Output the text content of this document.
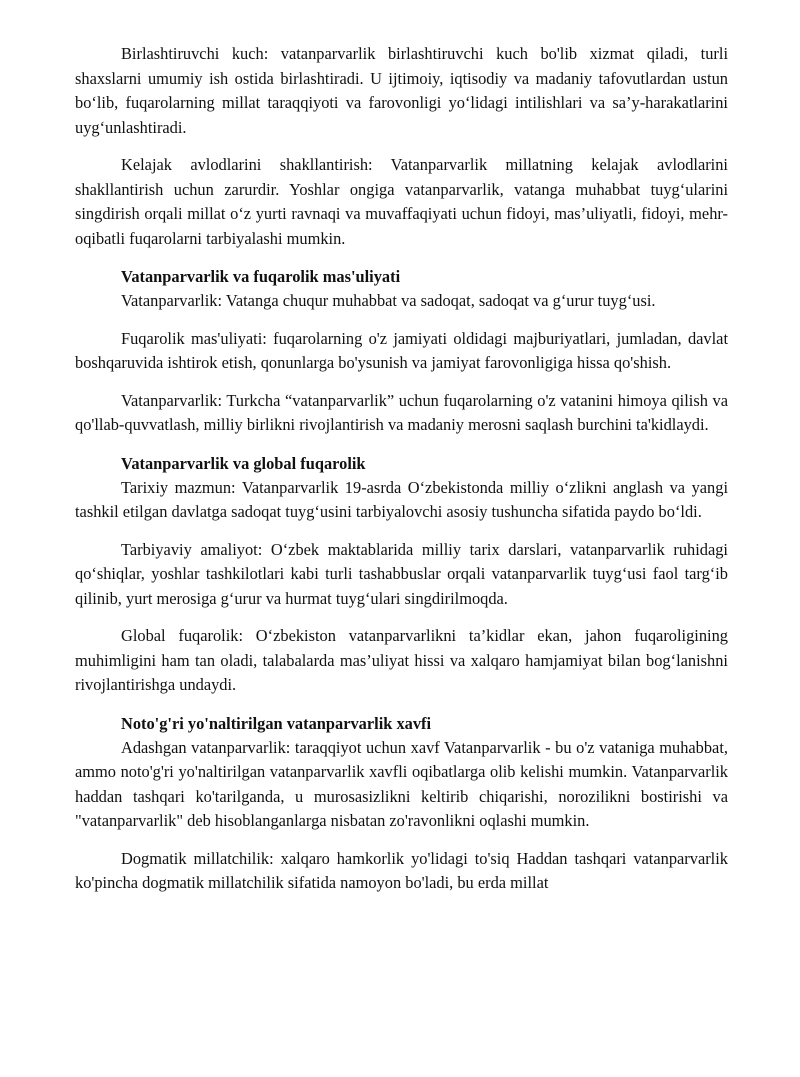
Birlashtiruvchi kuch: vatanparvarlik birlashtiruvchi kuch bo'lib xizmat qiladi, turli shaxslarni umumiy ish ostida birlashtiradi. U ijtimoiy, iqtisodiy va madaniy tafovutlardan ustun bo‘lib, fuqarolarning millat taraqqiyoti va farovonligi yo‘lidagi intilishlari va sa’y-harakatlarini uyg‘unlashtiradi.

Kelajak avlodlarini shakllantirish: Vatanparvarlik millatning kelajak avlodlarini shakllantirish uchun zarurdir. Yoshlar ongiga vatanparvarlik, vatanga muhabbat tuyg‘ularini singdirish orqali millat o‘z yurti ravnaqi va muvaffaqiyati uchun fidoyi, mas’uliyatli, fidoyi, mehr-oqibatli fuqarolarni tarbiyalashi mumkin.

Vatanparvarlik va fuqarolik mas'uliyati

Vatanparvarlik: Vatanga chuqur muhabbat va sadoqat, sadoqat va g‘urur tuyg‘usi.

Fuqarolik mas'uliyati: fuqarolarning o'z jamiyati oldidagi majburiyatlari, jumladan, davlat boshqaruvida ishtirok etish, qonunlarga bo'ysunish va jamiyat farovonligiga hissa qo'shish.

Vatanparvarlik: Turkcha “vatanparvarlik” uchun fuqarolarning o'z vatanini himoya qilish va qo'llab-quvvatlash, milliy birlikni rivojlantirish va madaniy merosni saqlash burchini ta'kidlaydi.

Vatanparvarlik va global fuqarolik

Tarixiy mazmun: Vatanparvarlik 19-asrda O‘zbekistonda milliy o‘zlikni anglash va yangi tashkil etilgan davlatga sadoqat tuyg‘usini tarbiyalovchi asosiy tushuncha sifatida paydo bo‘ldi.

Tarbiyaviy amaliyot: O‘zbek maktablarida milliy tarix darslari, vatanparvarlik ruhidagi qo‘shiqlar, yoshlar tashkilotlari kabi turli tashabbuslar orqali vatanparvarlik tuyg‘usi faol targ‘ib qilinib, yurt merosiga g‘urur va hurmat tuyg‘ulari singdirilmoqda.

Global fuqarolik: O‘zbekiston vatanparvarlikni ta’kidlar ekan, jahon fuqaroligining muhimligini ham tan oladi, talabalarda mas’uliyat hissi va xalqaro hamjamiyat bilan bog‘lanishni rivojlantirishga undaydi.

Noto'g'ri yo'naltirilgan vatanparvarlik xavfi

Adashgan vatanparvarlik: taraqqiyot uchun xavf Vatanparvarlik - bu o'z vataniga muhabbat, ammo noto'g'ri yo'naltirilgan vatanparvarlik xavfli oqibatlarga olib kelishi mumkin. Vatanparvarlik haddan tashqari ko'tarilganda, u murosasizlikni keltirib chiqarishi, norozilikni bostirishi va "vatanparvarlik" deb hisoblanganlarga nisbatan zo'ravonlikni oqlashi mumkin.

Dogmatik millatchilik: xalqaro hamkorlik yo'lidagi to'siq Haddan tashqari vatanparvarlik ko'pincha dogmatik millatchilik sifatida namoyon bo'ladi, bu erda millat
